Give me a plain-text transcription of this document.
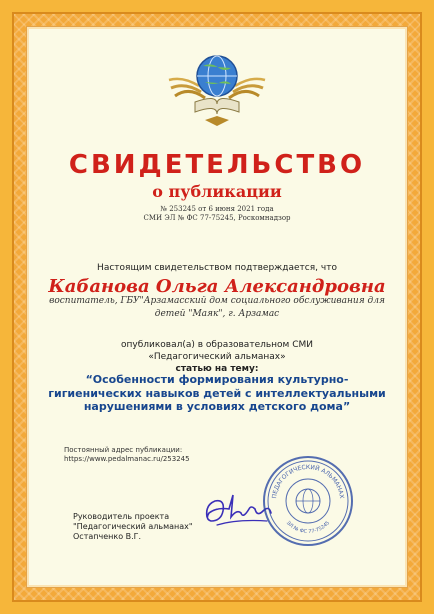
СВИДЕТЕЛЬСТВО
о публикации
№ 253245 от 6 июня 2021 года
СМИ ЭЛ № ФС 77-75245, Роскомнадзор
Настоящим свидетельством подтверждается, что
Кабанова Ольга Александровна
воспитатель, ГБУ"Арзамасский дом социального обслуживания для
детей "Маяк", г. Арзамас
опубликовал(а) в образовательном СМИ
«Педагогический альманах»
статью на тему:
“Особенности формирования культурно-
гигиенических навыков детей с интеллектуальными
нарушениями в условиях детского дома”
Постоянный адрес публикации:
https://www.pedalmanac.ru/253245
Руководитель проекта
"Педагогический альманах"
Остапченко В.Г.
ПЕДАГОГИЧЕСКИЙ АЛЬМАНАХ
ЭЛ № ФС 77-75245
